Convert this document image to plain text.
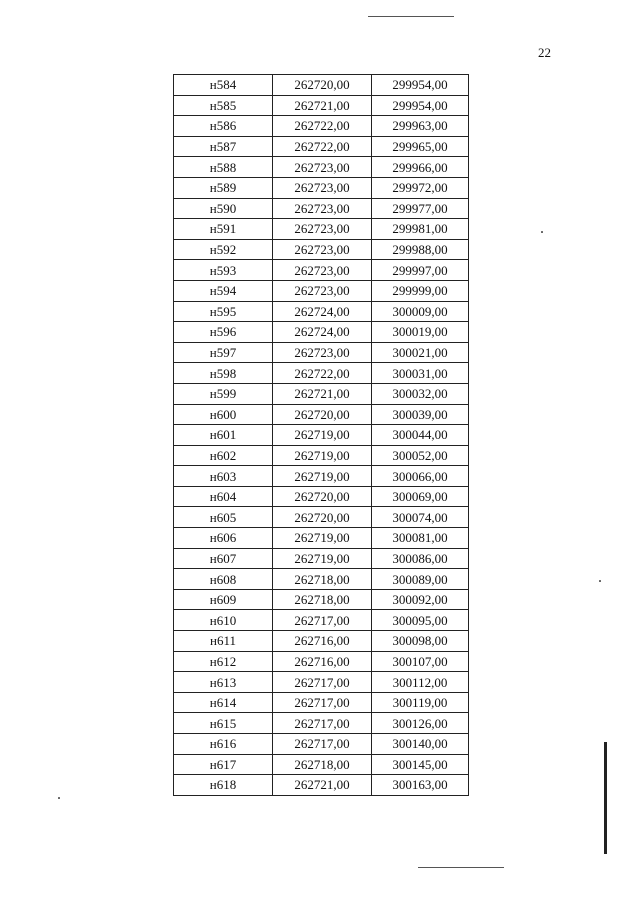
22
н584	262720,00	299954,00
н585	262721,00	299954,00
н586	262722,00	299963,00
н587	262722,00	299965,00
н588	262723,00	299966,00
н589	262723,00	299972,00
н590	262723,00	299977,00
н591	262723,00	299981,00
н592	262723,00	299988,00
н593	262723,00	299997,00
н594	262723,00	299999,00
н595	262724,00	300009,00
н596	262724,00	300019,00
н597	262723,00	300021,00
н598	262722,00	300031,00
н599	262721,00	300032,00
н600	262720,00	300039,00
н601	262719,00	300044,00
н602	262719,00	300052,00
н603	262719,00	300066,00
н604	262720,00	300069,00
н605	262720,00	300074,00
н606	262719,00	300081,00
н607	262719,00	300086,00
н608	262718,00	300089,00
н609	262718,00	300092,00
н610	262717,00	300095,00
н611	262716,00	300098,00
н612	262716,00	300107,00
н613	262717,00	300112,00
н614	262717,00	300119,00
н615	262717,00	300126,00
н616	262717,00	300140,00
н617	262718,00	300145,00
н618	262721,00	300163,00
